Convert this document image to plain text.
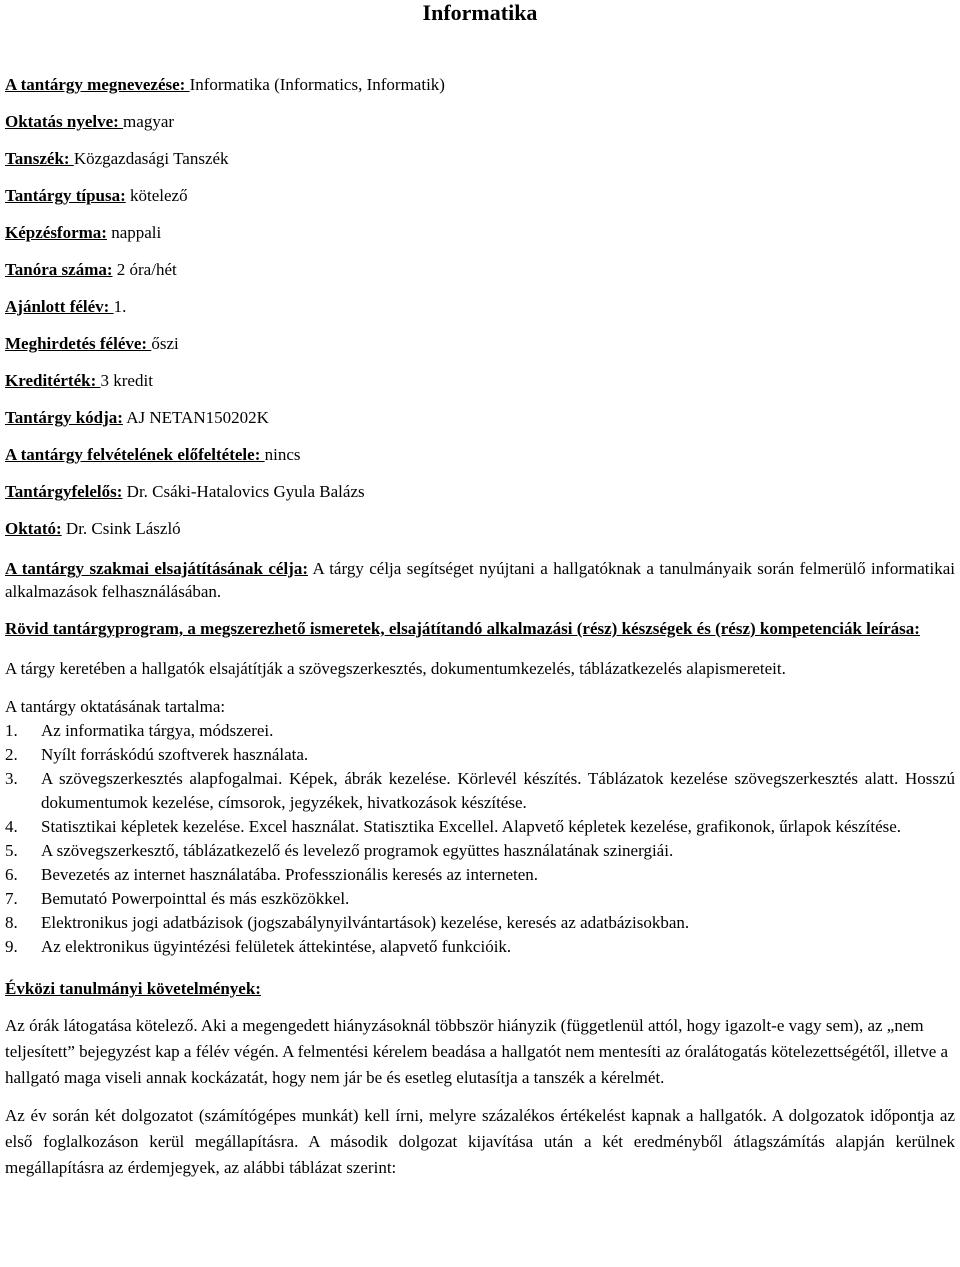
Informatika
A tantárgy megnevezése: Informatika (Informatics, Informatik)
Oktatás nyelve: magyar
Tanszék: Közgazdasági Tanszék
Tantárgy típusa: kötelező
Képzésforma: nappali
Tanóra száma: 2 óra/hét
Ajánlott félév: 1.
Meghirdetés féléve: őszi
Kreditérték: 3 kredit
Tantárgy kódja: AJ NETAN150202K
A tantárgy felvételének előfeltétele: nincs
Tantárgyfelelős: Dr. Csáki-Hatalovics Gyula Balázs
Oktató: Dr. Csink László

A tantárgy szakmai elsajátításának célja: A tárgy célja segítséget nyújtani a hallgatóknak a tanulmányaik során felmerülő informatikai alkalmazások felhasználásában.

Rövid tantárgyprogram, a megszerezhető ismeretek, elsajátítandó alkalmazási (rész) készségek és (rész) kompetenciák leírása:

A tárgy keretében a hallgatók elsajátítják a szövegszerkesztés, dokumentumkezelés, táblázatkezelés alapismereteit.

A tantárgy oktatásának tartalma:
1. Az informatika tárgya, módszerei.
2. Nyílt forráskódú szoftverek használata.
3. A szövegszerkesztés alapfogalmai. Képek, ábrák kezelése. Körlevél készítés. Táblázatok kezelése szövegszerkesztés alatt. Hosszú dokumentumok kezelése, címsorok, jegyzékek, hivatkozások készítése.
4. Statisztikai képletek kezelése. Excel használat. Statisztika Excellel. Alapvető képletek kezelése, grafikonok, űrlapok készítése.
5. A szövegszerkesztő, táblázatkezelő és levelező programok együttes használatának szinergiái.
6. Bevezetés az internet használatába. Professzionális keresés az interneten.
7. Bemutató Powerpointtal és más eszközökkel.
8. Elektronikus jogi adatbázisok (jogszabálynyilvántartások) kezelése, keresés az adatbázisokban.
9. Az elektronikus ügyintézési felületek áttekintése, alapvető funkcióik.
Évközi tanulmányi követelmények:

Az órák látogatása kötelező. Aki a megengedett hiányzásoknál többször hiányzik (függetlenül attól, hogy igazolt-e vagy sem), az „nem teljesített” bejegyzést kap a félév végén. A felmentési kérelem beadása a hallgatót nem mentesíti az óralátogatás kötelezettségétől, illetve a hallgató maga viseli annak kockázatát, hogy nem jár be és esetleg elutasítja a tanszék a kérelmét.

Az év során két dolgozatot (számítógépes munkát) kell írni, melyre százalékos értékelést kapnak a hallgatók. A dolgozatok időpontja az első foglalkozáson kerül megállapításra. A második dolgozat kijavítása után a két eredményből átlagszámítás alapján kerülnek megállapításra az érdemjegyek, az alábbi táblázat szerint:
